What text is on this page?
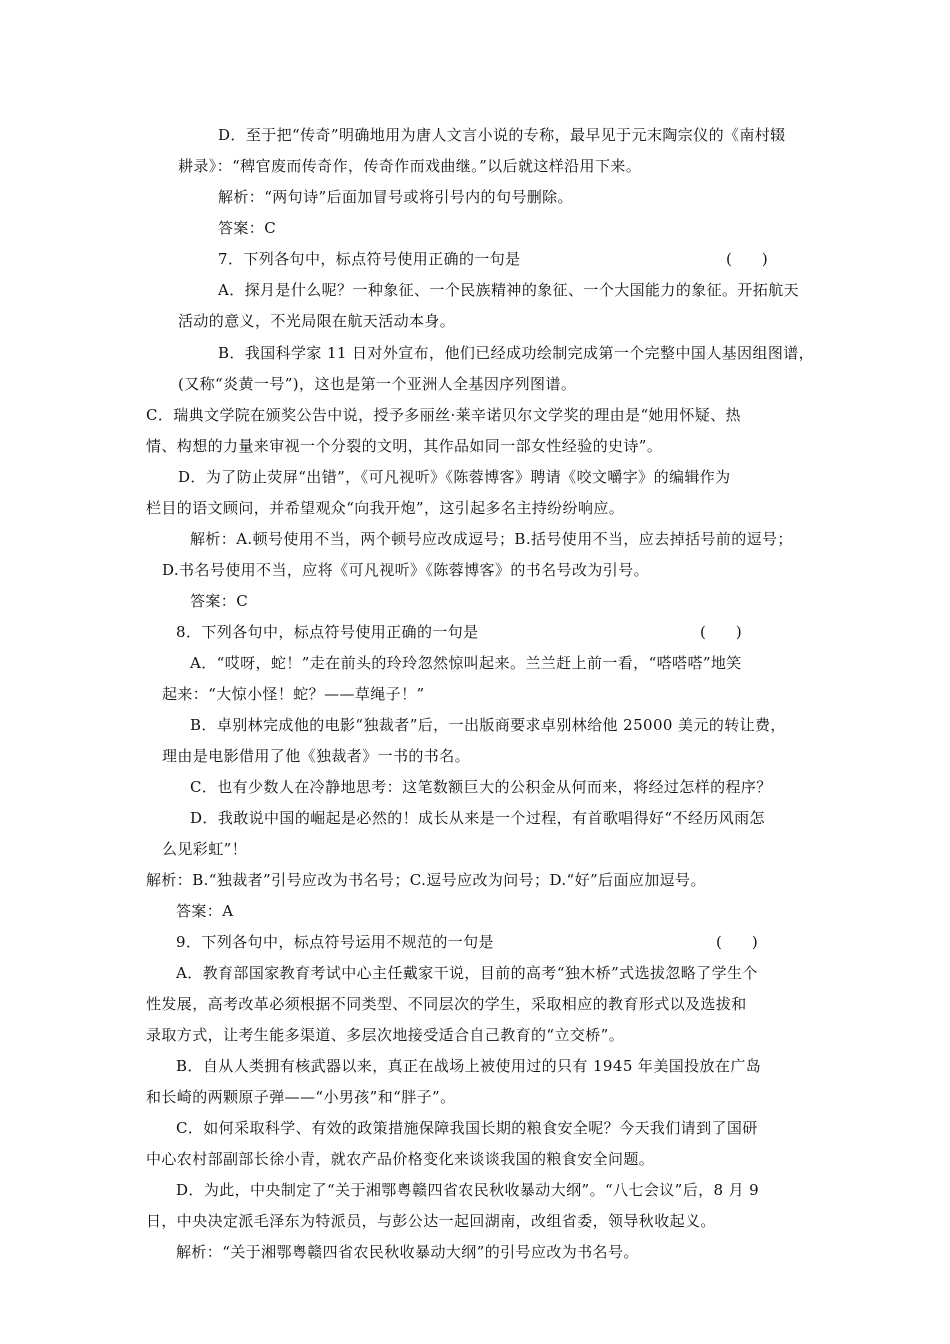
D．至于把“传奇”明确地用为唐人文言小说的专称，最早见于元末陶宗仪的《南村辍

耕录》：“稗官废而传奇作，传奇作而戏曲继。”以后就这样沿用下来。

解析：“两句诗”后面加冒号或将引号内的句号删除。

答案：C

7．下列各句中，标点符号使用正确的一句是	(　　)

A．探月是什么呢？一种象征、一个民族精神的象征、一个大国能力的象征。开拓航天

活动的意义，不光局限在航天活动本身。

B．我国科学家 11 日对外宣布，他们已经成功绘制完成第一个完整中国人基因组图谱，

(又称“炎黄一号”)，这也是第一个亚洲人全基因序列图谱。

C．瑞典文学院在颁奖公告中说，授予多丽丝·莱辛诺贝尔文学奖的理由是“她用怀疑、热

情、构想的力量来审视一个分裂的文明，其作品如同一部女性经验的史诗”。

D．为了防止荧屏“出错”，《可凡视听》《陈蓉博客》聘请《咬文嚼字》的编辑作为

栏目的语文顾问，并希望观众“向我开炮”，这引起多名主持纷纷响应。

解析：A.顿号使用不当，两个顿号应改成逗号；B.括号使用不当，应去掉括号前的逗号；

D.书名号使用不当，应将《可凡视听》《陈蓉博客》的书名号改为引号。

答案：C

8．下列各句中，标点符号使用正确的一句是	(　　)

A．“哎呀，蛇！”走在前头的玲玲忽然惊叫起来。兰兰赶上前一看，“嗒嗒嗒”地笑

起来：“大惊小怪！蛇？——草绳子！”

B．卓别林完成他的电影“独裁者”后，一出版商要求卓别林给他 25000 美元的转让费，

理由是电影借用了他《独裁者》一书的书名。

C．也有少数人在冷静地思考：这笔数额巨大的公积金从何而来，将经过怎样的程序？

D．我敢说中国的崛起是必然的！成长从来是一个过程，有首歌唱得好“不经历风雨怎

么见彩虹”！

解析：B.“独裁者”引号应改为书名号；C.逗号应改为问号；D.“好”后面应加逗号。

答案：A

9．下列各句中，标点符号运用不规范的一句是	(　　)

A．教育部国家教育考试中心主任戴家干说，目前的高考“独木桥”式选拔忽略了学生个

性发展，高考改革必须根据不同类型、不同层次的学生，采取相应的教育形式以及选拔和

录取方式，让考生能多渠道、多层次地接受适合自己教育的“立交桥”。

B．自从人类拥有核武器以来，真正在战场上被使用过的只有 1945 年美国投放在广岛

和长崎的两颗原子弹——“小男孩”和“胖子”。

C．如何采取科学、有效的政策措施保障我国长期的粮食安全呢？今天我们请到了国研

中心农村部副部长徐小青，就农产品价格变化来谈谈我国的粮食安全问题。

D．为此，中央制定了“关于湘鄂粤赣四省农民秋收暴动大纲”。“八七会议”后，8 月 9

日，中央决定派毛泽东为特派员，与彭公达一起回湖南，改组省委，领导秋收起义。

解析：“关于湘鄂粤赣四省农民秋收暴动大纲”的引号应改为书名号。
